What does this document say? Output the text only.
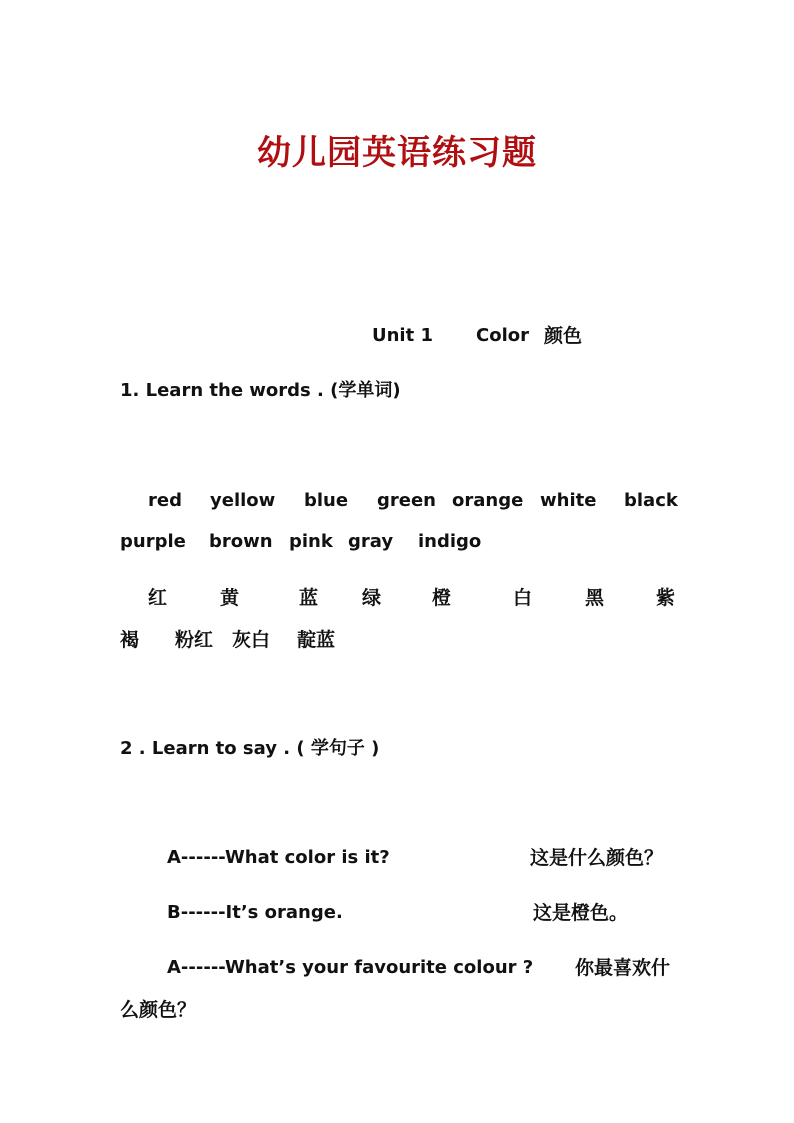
幼儿园英语练习题
Unit 1 Color 颜色
1. Learn the words . (学单词)
red yellow blue green orange white black
purple brown pink gray indigo
红	黄	蓝 绿	橙	白	黑	紫
褐 粉红 灰白 靛蓝
2 . Learn to say . ( 学句子 )
A------What color is it?	这是什么颜色？
B------It’s orange.	这是橙色。
A------What’s your favourite colour ? 你最喜欢什
么颜色？
